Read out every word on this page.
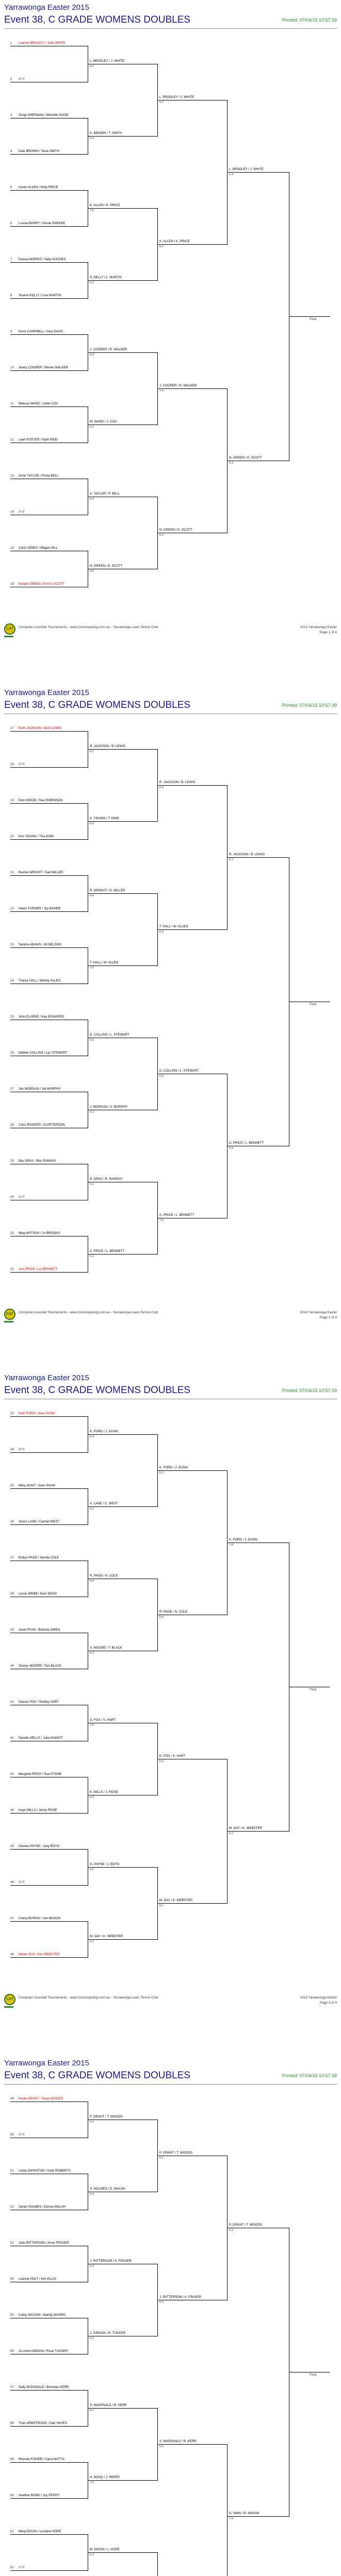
Yarrawonga Easter 2015
Event 38, C GRADE WOMENS DOUBLES	Printed: 07/04/15 10:57:39
1 Leanne BRADLEY / Julie WHITE
2 BYE
3 Sonja SHERMAN / Michelle HOOD
4 Kate BROWN / Tania SMITH
5 Karen ALLEN / Kelly PRICE
6 Louise BARRY / Nicole PARKER
7 Donna MORRIS / Sally HUGHES
8 Sharon KELLY / Lisa MARTIN
9 Kerry CAMPBELL / Amy DAVIS
10 Jenny COOPER / Renee WALKER
11 Melissa WARD / Jodie COX
12 Leah FOSTER / Kylie REID
13 Anne TAYLOR / Fiona BELL
14 BYE
15 Carol JONES / Megan HILL
16 Natalie GREEN / Emma SCOTT
L. BRADLEY / J. WHITE
6-2
K. BROWN / T. SMITH
6-4
K. ALLEN / K. PRICE
7-5
S. KELLY / L. MARTIN
6-1
J. COOPER / R. WALKER
6-3
M. WARD / J. COX
6-2
A. TAYLOR / F. BELL
6-4
N. GREEN / E. SCOTT
6-0
L. BRADLEY / J. WHITE
6-3
K. ALLEN / K. PRICE
6-2
J. COOPER / R. WALKER
7-6
N. GREEN / E. SCOTT
6-4
L. BRADLEY / J. WHITE
6-4
N. GREEN / E. SCOTT
6-3
Final
CAT	Computer Assisted Tournaments - www.CAcomputing.com.au - Yarrawonga Lawn Tennis Club	2015 Yarrawonga Easter
Page 1 of 4
Yarrawonga Easter 2015
Event 38, C GRADE WOMENS DOUBLES	Printed: 07/04/15 10:57:39
17 Ruth JACKSON / Beth LEWIS
18 BYE
19 Pam WOOD / Sue ROBINSON
20 Kim YOUNG / Tina KING
21 Rachel WRIGHT / Gail MILLER
22 Helen TURNER / Joy BAKER
23 Sandra ADAMS / Jill NELSON
24 Tracey HALL / Wendy ALLEN
25 Vicki CLARKE / Kay EDWARDS
26 Debbie COLLINS / Lyn STEWART
27 Jan MORGAN / Val MURPHY
28 Chris ROGERS / Di PETERSON
29 Bev GRAY / Ros RAMSAY
30 BYE
31 Meg WATSON / Jo BROOKS
32 Ann PRICE / Liz BENNETT
R. JACKSON / B. LEWIS
6-1
K. YOUNG / T. KING
6-3
R. WRIGHT / G. MILLER
6-4
T. HALL / W. ALLEN
7-5
D. COLLINS / L. STEWART
6-2
J. MORGAN / V. MURPHY
6-3
B. GRAY / R. RAMSAY
6-1
A. PRICE / L. BENNETT
6-2
R. JACKSON / B. LEWIS
6-4
T. HALL / W. ALLEN
6-3
D. COLLINS / L. STEWART
6-2
A. PRICE / L. BENNETT
7-5
R. JACKSON / B. LEWIS
6-2
A. PRICE / L. BENNETT
6-4
Final
CAT	Computer Assisted Tournaments - www.CAcomputing.com.au - Yarrawonga Lawn Tennis Club	2015 Yarrawonga Easter
Page 2 of 4
Yarrawonga Easter 2015
Event 38, C GRADE WOMENS DOUBLES	Printed: 07/04/15 10:57:39
33 Kath FORD / Jane DUNN
34 BYE
35 Mary HUNT / Joan SHAW
36 Alison LANE / Carmel WEST
37 Robyn PAGE / Nerida COLE
38 Lynne WEBB / Kerri DEAN
39 Janet RYAN / Belinda OWEN
40 Sharyn MOORE / Toni BLACK
41 Dianne FOX / Shelley HART
42 Narelle WELLS / Julie KNIGHT
43 Margaret ROSS / Sue STONE
44 Kaye MILLS / Jenny ROSE
45 Glenda PAYNE / Judy BOYD
46 BYE
47 Cheryl BURNS / Lee MASON
48 Maree DAY / Kris WEBSTER
K. FORD / J. DUNN
6-3
A. LANE / C. WEST
6-2
R. PAGE / N. COLE
6-4
S. MOORE / T. BLACK
6-1
D. FOX / S. HART
7-6
K. MILLS / J. ROSE
6-3
G. PAYNE / J. BOYD
6-2
M. DAY / K. WEBSTER
6-1
K. FORD / J. DUNN
6-2
R. PAGE / N. COLE
6-4
D. FOX / S. HART
6-3
M. DAY / K. WEBSTER
6-1
K. FORD / J. DUNN
7-5
M. DAY / K. WEBSTER
6-2
Final
CAT	Computer Assisted Tournaments - www.CAcomputing.com.au - Yarrawonga Lawn Tennis Club	2015 Yarrawonga Easter
Page 3 of 4
Yarrawonga Easter 2015
Event 38, C GRADE WOMENS DOUBLES	Printed: 07/04/15 10:57:39
49 Paula GRANT / Tanya WOODS
50 BYE
51 Linda JOHNSTON / Kylie ROBERTS
52 Sarah HOLMES / Donna WALSH
53 Julie PATTERSON / Anne FRASER
54 Leanne HOLT / Kim ELLIS
55 Cathy WILSON / Mandy MUNRO
56 Jo-Anne GIBSON / Rose TUCKER
57 Sally McDONALD / Bronwyn KERR
58 Trish ARMSTRONG / Deb HAYES
59 Rhonda FISHER / Carol WATTS
60 Heather BOND / Joy PERRY
61 Marg DIXON / Lorraine HOPE
62 BYE
P. GRANT / T. WOODS
6-2
S. HOLMES / D. WALSH
6-4
J. PATTERSON / A. FRASER
6-3
J. GIBSON / R. TUCKER
6-2
S. McDONALD / B. KERR
6-1
H. BOND / J. PERRY
7-5
M. DIXON / L. HOPE
6-3
P. GRANT / T. WOODS
6-1
J. PATTERSON / A. FRASER
6-3
S. McDONALD / B. KERR
6-4
P. GRANT / T. WOODS
6-3
D. SIMS / R. MARSH
7-6
Final
